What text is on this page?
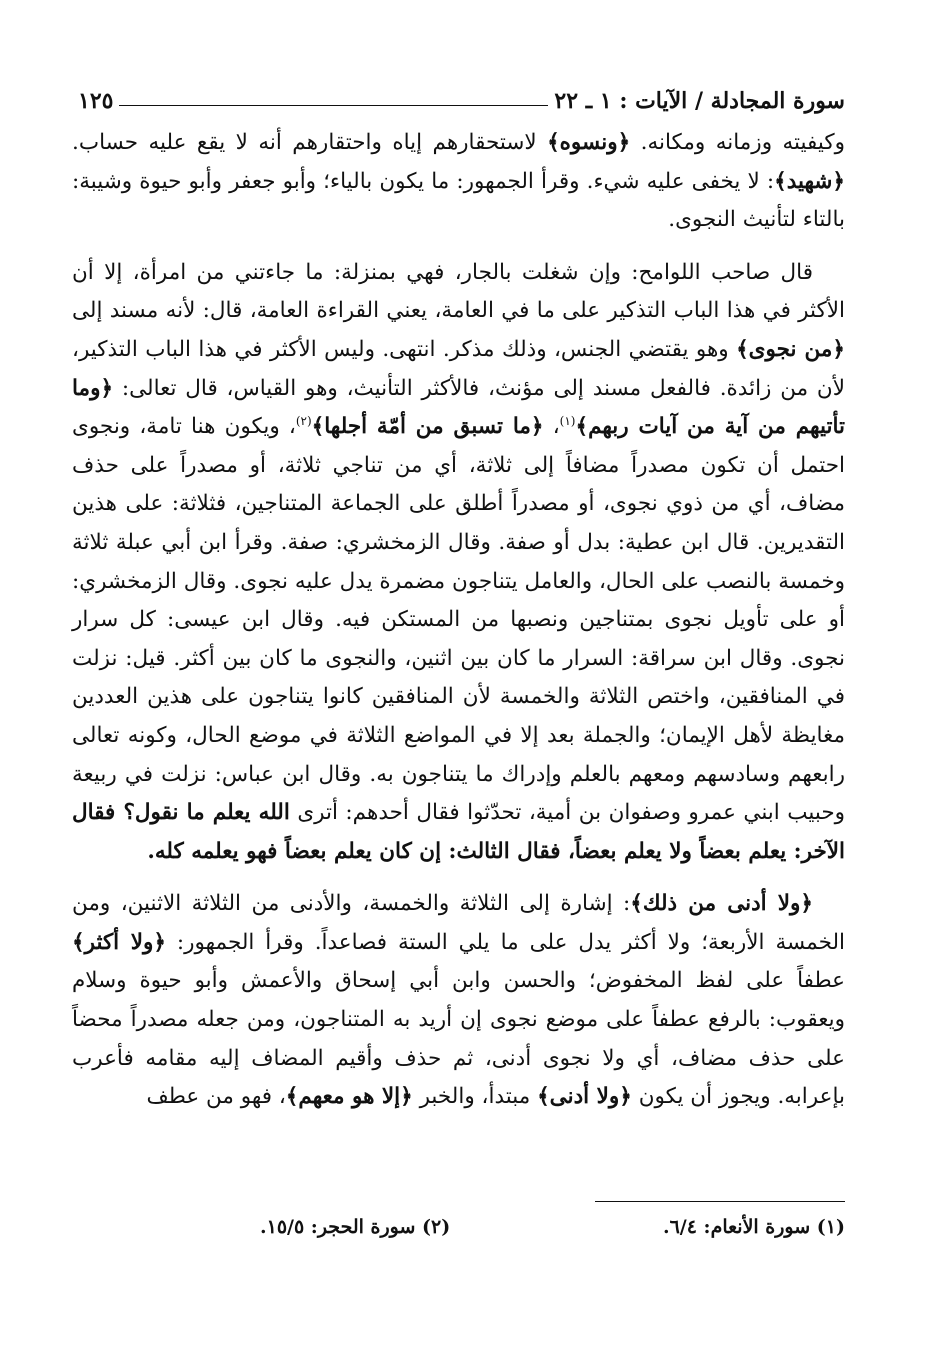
سورة المجادلة / الآيات : ١ ـ ٢٢
١٢٥

وكيفيته وزمانه ومكانه. ﴿ونسوه﴾ لاستحقارهم إياه واحتقارهم أنه لا يقع عليه حساب. ﴿شهيد﴾: لا يخفى عليه شيء. وقرأ الجمهور: ما يكون بالياء؛ وأبو جعفر وأبو حيوة وشيبة: بالتاء لتأنيث النجوى.

قال صاحب اللوامح: وإن شغلت بالجار، فهي بمنزلة: ما جاءتني من امرأة، إلا أن الأكثر في هذا الباب التذكير على ما في العامة، يعني القراءة العامة، قال: لأنه مسند إلى ﴿من نجوى﴾ وهو يقتضي الجنس، وذلك مذكر. انتهى. وليس الأكثر في هذا الباب التذكير، لأن من زائدة. فالفعل مسند إلى مؤنث، فالأكثر التأنيث، وهو القياس، قال تعالى: ﴿وما تأتيهم من آية من آيات ربهم﴾$^{(١)}$، ﴿ما تسبق من أمّة أجلها﴾$^{(٢)}$، ويكون هنا تامة، ونجوى احتمل أن تكون مصدراً مضافاً إلى ثلاثة، أي من تناجي ثلاثة، أو مصدراً على حذف مضاف، أي من ذوي نجوى، أو مصدراً أطلق على الجماعة المتناجين، فثلاثة: على هذين التقديرين. قال ابن عطية: بدل أو صفة. وقال الزمخشري: صفة. وقرأ ابن أبي عبلة ثلاثة وخمسة بالنصب على الحال، والعامل يتناجون مضمرة يدل عليه نجوى. وقال الزمخشري: أو على تأويل نجوى بمتناجين ونصبها من المستكن فيه. وقال ابن عيسى: كل سرار نجوى. وقال ابن سراقة: السرار ما كان بين اثنين، والنجوى ما كان بين أكثر. قيل: نزلت في المنافقين، واختص الثلاثة والخمسة لأن المنافقين كانوا يتناجون على هذين العددين مغايظة لأهل الإيمان؛ والجملة بعد إلا في المواضع الثلاثة في موضع الحال، وكونه تعالى رابعهم وسادسهم ومعهم بالعلم وإدراك ما يتناجون به. وقال ابن عباس: نزلت في ربيعة وحبيب ابني عمرو وصفوان بن أمية، تحدّثوا فقال أحدهم: أترى الله يعلم ما نقول؟ فقال الآخر: يعلم بعضاً ولا يعلم بعضاً، فقال الثالث: إن كان يعلم بعضاً فهو يعلمه كله.

﴿ولا أدنى من ذلك﴾: إشارة إلى الثلاثة والخمسة، والأدنى من الثلاثة الاثنين، ومن الخمسة الأربعة؛ ولا أكثر يدل على ما يلي الستة فصاعداً. وقرأ الجمهور: ﴿ولا أكثر﴾ عطفاً على لفظ المخفوض؛ والحسن وابن أبي إسحاق والأعمش وأبو حيوة وسلام ويعقوب: بالرفع عطفاً على موضع نجوى إن أريد به المتناجون، ومن جعله مصدراً محضاً على حذف مضاف، أي ولا نجوى أدنى، ثم حذف وأقيم المضاف إليه مقامه فأعرب بإعرابه. ويجوز أن يكون ﴿ولا أدنى﴾ مبتدأ، والخبر ﴿إلا هو معهم﴾، فهو من عطف

(١) سورة الأنعام: ٦/٤.
(٢) سورة الحجر: ١٥/٥.
